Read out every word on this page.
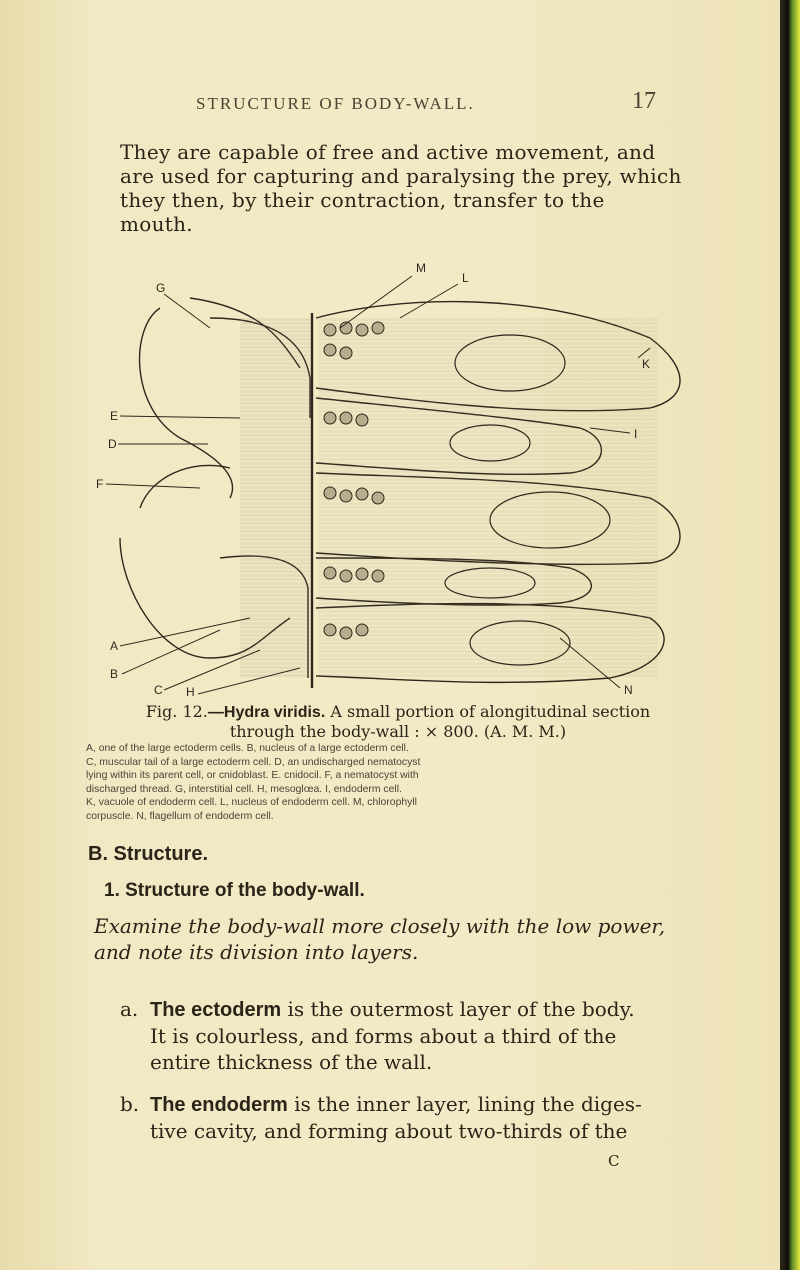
STRUCTURE OF BODY-WALL.	17
They are capable of free and active movement, and
are used for capturing and paralysing the prey, which
they then, by their contraction, transfer to the
mouth.
M
L
G
K
E
I
D
F
A
B
C H	N
Fig. 12.—Hydra viridis. A small portion of alongitudinal section
through the body-wall : × 800. (A. M. M.)
A, one of the large ectoderm cells. B, nucleus of a large ectoderm cell.
C, muscular tail of a large ectoderm cell. D, an undischarged nematocyst
lying within its parent cell, or cnidoblast. E. cnidocil. F, a nematocyst with
discharged thread. G, interstitial cell. H, mesoglœa. I, endoderm cell.
K, vacuole of endoderm cell. L, nucleus of endoderm cell. M, chlorophyll
corpuscle. N, flagellum of endoderm cell.
B. Structure.
1. Structure of the body-wall.
Examine the body-wall more closely with the low power,
and note its division into layers.
a. The ectoderm is the outermost layer of the body.
It is colourless, and forms about a third of the
entire thickness of the wall.
b. The endoderm is the inner layer, lining the diges-
tive cavity, and forming about two-thirds of the
C
